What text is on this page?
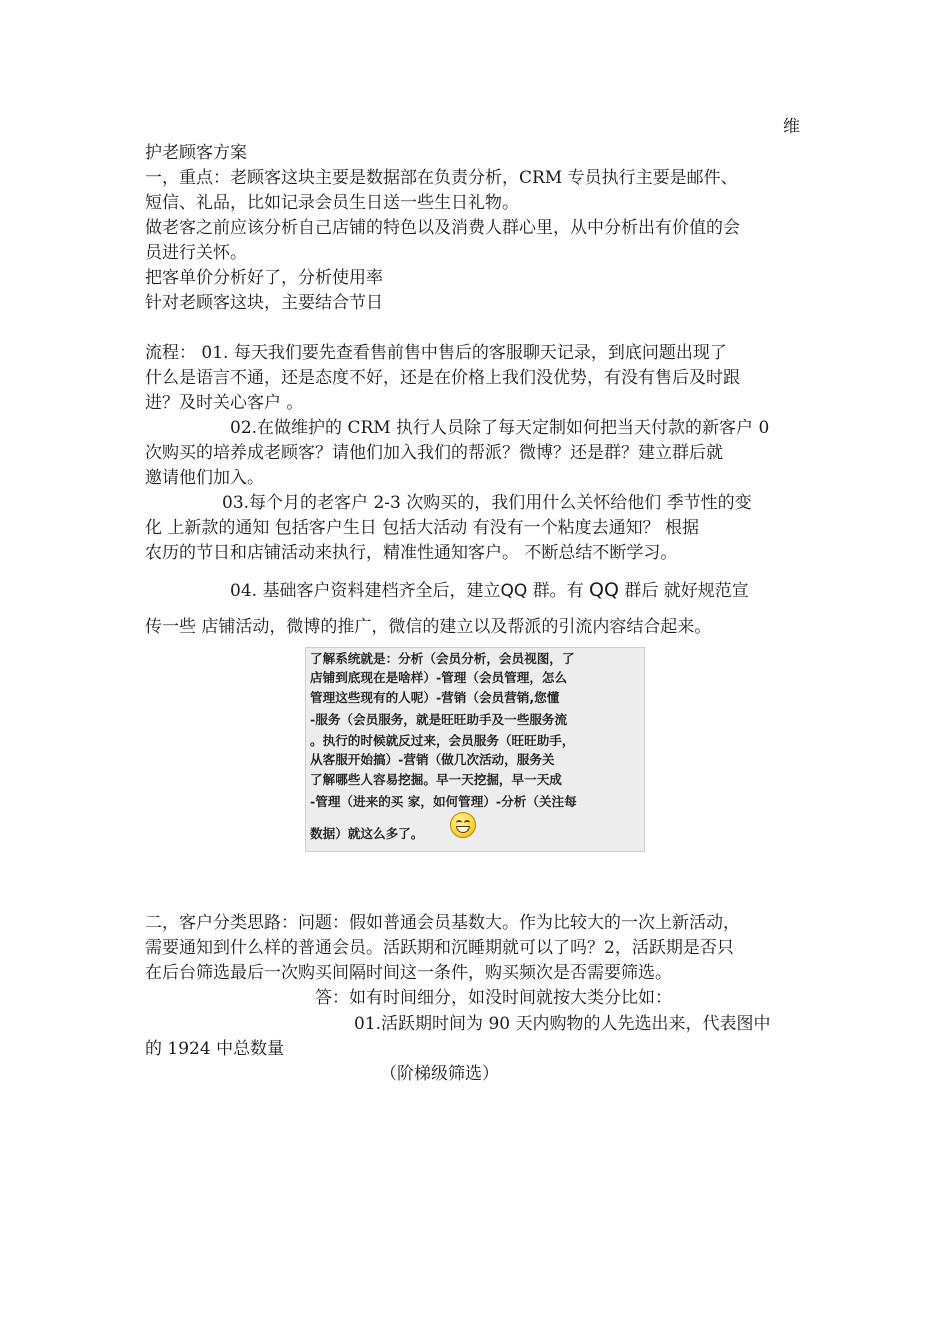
维
护老顾客方案
一，重点：老顾客这块主要是数据部在负责分析，CRM 专员执行主要是邮件、
短信、礼品，比如记录会员生日送一些生日礼物。
做老客之前应该分析自己店铺的特色以及消费人群心里，从中分析出有价值的会
员进行关怀。
把客单价分析好了，分析使用率
针对老顾客这块，主要结合节日
流程： 01. 每天我们要先查看售前售中售后的客服聊天记录，到底问题出现了
什么是语言不通，还是态度不好，还是在价格上我们没优势，有没有售后及时跟
进？及时关心客户 。
02.在做维护的 CRM 执行人员除了每天定制如何把当天付款的新客户 0
次购买的培养成老顾客？请他们加入我们的帮派？微博？还是群？建立群后就
邀请他们加入。
03.每个月的老客户 2-3 次购买的，我们用什么关怀给他们 季节性的变
化 上新款的通知 包括客户生日 包括大活动 有没有一个粘度去通知？ 根据
农历的节日和店铺活动来执行，精准性通知客户。 不断总结不断学习。
04. 基础客户资料建档齐全后，建立QQ 群。有 QQ 群后 就好规范宣
传一些 店铺活动，微博的推广，微信的建立以及帮派的引流内容结合起来。
了解系统就是：分析（会员分析，会员视图，了
店铺到底现在是啥样）-管理（会员管理，怎么
管理这些现有的人呢）-营销（会员营销,您懂
-服务（会员服务，就是旺旺助手及一些服务流
。执行的时候就反过来，会员服务（旺旺助手，
从客服开始搞）-营销（做几次活动，服务关
了解哪些人容易挖掘。早一天挖掘，早一天成
-管理（进来的买 家，如何管理）-分析（关注每
数据）就这么多了。
二，客户分类思路：问题：假如普通会员基数大。作为比较大的一次上新活动，
需要通知到什么样的普通会员。活跃期和沉睡期就可以了吗？2，活跃期是否只
在后台筛选最后一次购买间隔时间这一条件，购买频次是否需要筛选。
答：如有时间细分，如没时间就按大类分比如：
01.活跃期时间为 90 天内购物的人先选出来，代表图中
的 1924 中总数量
（阶梯级筛选）
